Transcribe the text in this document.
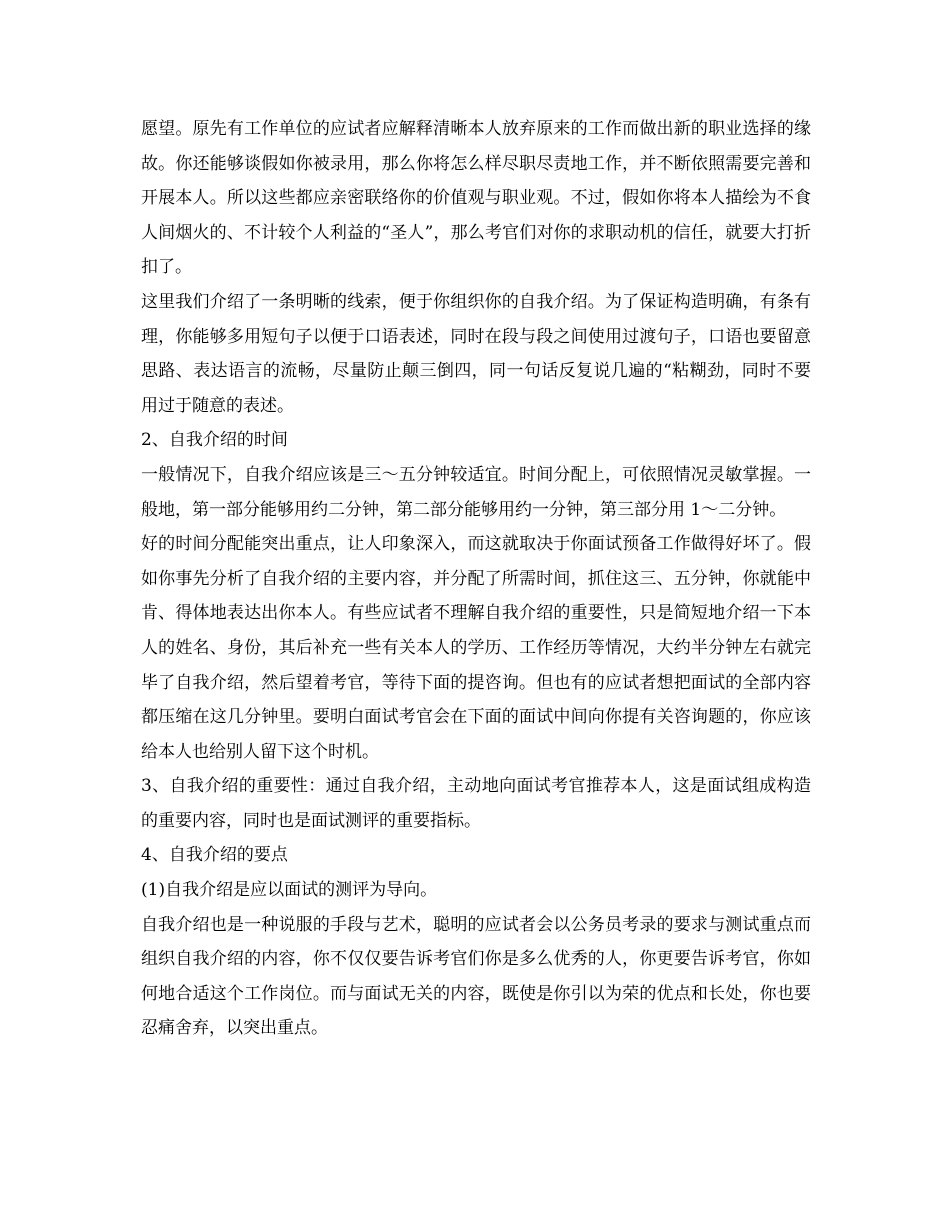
愿望。原先有工作单位的应试者应解释清晰本人放弃原来的工作而做出新的职业选择的缘故。你还能够谈假如你被录用，那么你将怎么样尽职尽责地工作，并不断依照需要完善和开展本人。所以这些都应亲密联络你的价值观与职业观。不过，假如你将本人描绘为不食人间烟火的、不计较个人利益的“圣人”，那么考官们对你的求职动机的信任，就要大打折扣了。

这里我们介绍了一条明晰的线索，便于你组织你的自我介绍。为了保证构造明确，有条有理，你能够多用短句子以便于口语表述，同时在段与段之间使用过渡句子，口语也要留意思路、表达语言的流畅，尽量防止颠三倒四，同一句话反复说几遍的“粘糊劲，同时不要用过于随意的表述。

2、自我介绍的时间

一般情况下，自我介绍应该是三～五分钟较适宜。时间分配上，可依照情况灵敏掌握。一般地，第一部分能够用约二分钟，第二部分能够用约一分钟，第三部分用 1～二分钟。

好的时间分配能突出重点，让人印象深入，而这就取决于你面试预备工作做得好坏了。假如你事先分析了自我介绍的主要内容，并分配了所需时间，抓住这三、五分钟，你就能中肯、得体地表达出你本人。有些应试者不理解自我介绍的重要性，只是简短地介绍一下本人的姓名、身份，其后补充一些有关本人的学历、工作经历等情况，大约半分钟左右就完毕了自我介绍，然后望着考官，等待下面的提咨询。但也有的应试者想把面试的全部内容都压缩在这几分钟里。要明白面试考官会在下面的面试中间向你提有关咨询题的，你应该给本人也给别人留下这个时机。

3、自我介绍的重要性：通过自我介绍，主动地向面试考官推荐本人，这是面试组成构造的重要内容，同时也是面试测评的重要指标。

4、自我介绍的要点

(1)自我介绍是应以面试的测评为导向。

自我介绍也是一种说服的手段与艺术，聪明的应试者会以公务员考录的要求与测试重点而组织自我介绍的内容，你不仅仅要告诉考官们你是多么优秀的人，你更要告诉考官，你如何地合适这个工作岗位。而与面试无关的内容，既使是你引以为荣的优点和长处，你也要忍痛舍弃，以突出重点。
